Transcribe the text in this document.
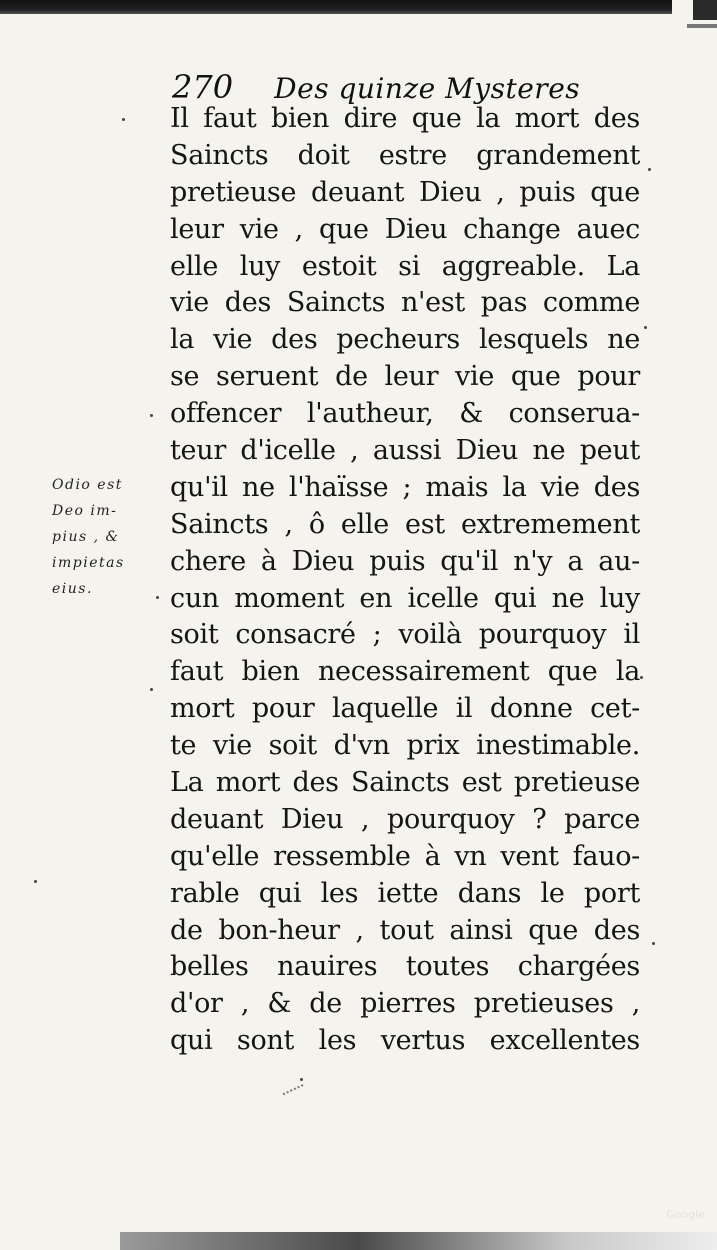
270 Des quinze Mysteres
Il faut bien dire que la mort des
Saincts doit estre grandement
pretieuse deuant Dieu , puis que
leur vie , que Dieu change auec
elle luy estoit si aggreable. La
vie des Saincts n'est pas comme
la vie des pecheurs lesquels ne
se seruent de leur vie que pour
offencer l'autheur, & conserua-
teur d'icelle , aussi Dieu ne peut
qu'il ne l'haïsse ; mais la vie des
Saincts , ô elle est extremement
chere à Dieu puis qu'il n'y a au-
cun moment en icelle qui ne luy
soit consacré ; voilà pourquoy il
faut bien necessairement que la
mort pour laquelle il donne cet-
te vie soit d'vn prix inestimable.
La mort des Saincts est pretieuse
deuant Dieu , pourquoy ? parce
qu'elle ressemble à vn vent fauo-
rable qui les iette dans le port
de bon-heur , tout ainsi que des
belles nauires toutes chargées
d'or , & de pierres pretieuses ,
qui sont les vertus excellentes
Odio est
Deo im-
pius , &
impietas
eius.
Google
